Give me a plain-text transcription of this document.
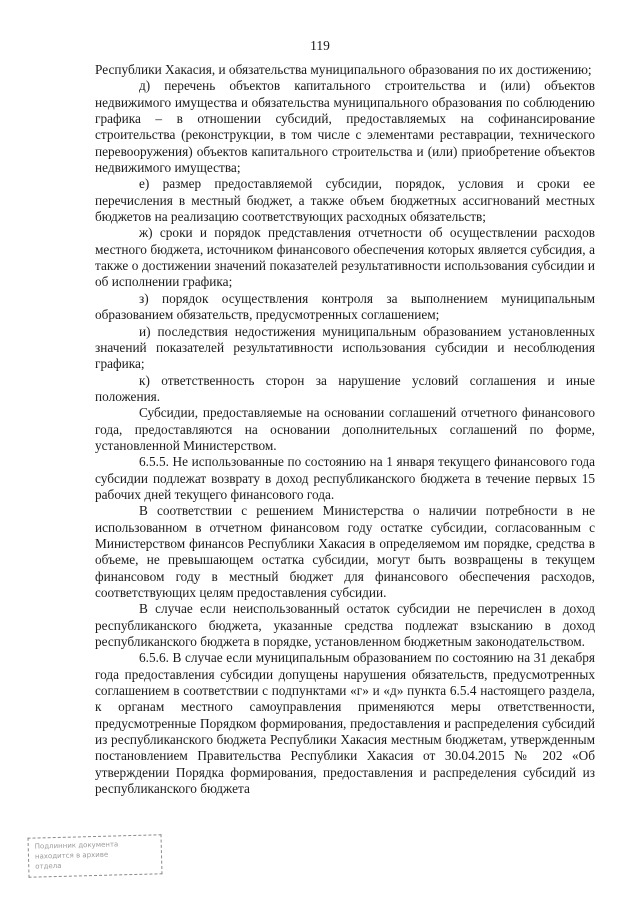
119

Республики Хакасия, и обязательства муниципального образования по их достижению;

д) перечень объектов капитального строительства и (или) объектов недвижимого имущества и обязательства муниципального образования по соблюдению графика – в отношении субсидий, предоставляемых на софинансирование строительства (реконструкции, в том числе с элементами реставрации, технического перевооружения) объектов капитального строительства и (или) приобретение объектов недвижимого имущества;

е) размер предоставляемой субсидии, порядок, условия и сроки ее перечисления в местный бюджет, а также объем бюджетных ассигнований местных бюджетов на реализацию соответствующих расходных обязательств;

ж) сроки и порядок представления отчетности об осуществлении расходов местного бюджета, источником финансового обеспечения которых является субсидия, а также о достижении значений показателей результативности использования субсидии и об исполнении графика;

з) порядок осуществления контроля за выполнением муниципальным образованием обязательств, предусмотренных соглашением;

и) последствия недостижения муниципальным образованием установленных значений показателей результативности использования субсидии и несоблюдения графика;

к) ответственность сторон за нарушение условий соглашения и иные положения.

Субсидии, предоставляемые на основании соглашений отчетного финансового года, предоставляются на основании дополнительных соглашений по форме, установленной Министерством.

6.5.5. Не использованные по состоянию на 1 января текущего финансового года субсидии подлежат возврату в доход республиканского бюджета в течение первых 15 рабочих дней текущего финансового года.

В соответствии с решением Министерства о наличии потребности в не использованном в отчетном финансовом году остатке субсидии, согласованным с Министерством финансов Республики Хакасия в определяемом им порядке, средства в объеме, не превышающем остатка субсидии, могут быть возвращены в текущем финансовом году в местный бюджет для финансового обеспечения расходов, соответствующих целям предоставления субсидии.

В случае если неиспользованный остаток субсидии не перечислен в доход республиканского бюджета, указанные средства подлежат взысканию в доход республиканского бюджета в порядке, установленном бюджетным законодательством.

6.5.6. В случае если муниципальным образованием по состоянию на 31 декабря года предоставления субсидии допущены нарушения обязательств, предусмотренных соглашением в соответствии с подпунктами «г» и «д» пункта 6.5.4 настоящего раздела, к органам местного самоуправления применяются меры ответственности, предусмотренные Порядком формирования, предоставления и распределения субсидий из республиканского бюджета Республики Хакасия местным бюджетам, утвержденным постановлением Правительства Республики Хакасия от 30.04.2015 № 202 «Об утверждении Порядка формирования, предоставления и распределения субсидий из республиканского бюджета

Подлинник документа
находится в архиве
отдела
